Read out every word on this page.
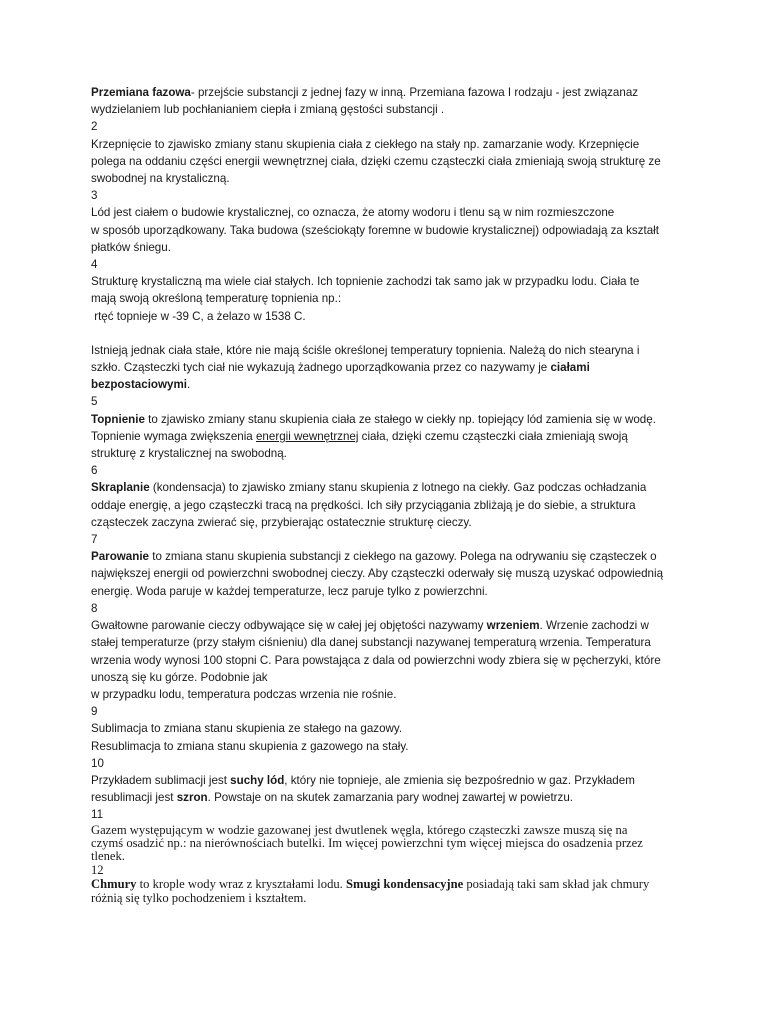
Przemiana fazowa- przejście substancji z jednej fazy w inną. Przemiana fazowa I rodzaju - jest związanaz

wydzielaniem lub pochłanianiem ciepła i zmianą gęstości substancji .

2

Krzepnięcie to zjawisko zmiany stanu skupienia ciała z ciekłego na stały np. zamarzanie wody. Krzepnięcie

polega na oddaniu części energii wewnętrznej ciała, dzięki czemu cząsteczki ciała zmieniają swoją strukturę ze

swobodnej na krystaliczną.

3

Lód jest ciałem o budowie krystalicznej, co oznacza, że atomy wodoru i tlenu są w nim rozmieszczone

w sposób uporządkowany. Taka budowa (sześciokąty foremne w budowie krystalicznej) odpowiadają za kształt

płatków śniegu.

4

Strukturę krystaliczną ma wiele ciał stałych. Ich topnienie zachodzi tak samo jak w przypadku lodu. Ciała te

mają swoją określoną temperaturę topnienia np.:

rtęć topnieje w -39 C, a żelazo w 1538 C.

Istnieją jednak ciała stałe, które nie mają ściśle określonej temperatury topnienia. Należą do nich stearyna i

szkło. Cząsteczki tych ciał nie wykazują żadnego uporządkowania przez co nazywamy je ciałami

bezpostaciowymi.

5

Topnienie to zjawisko zmiany stanu skupienia ciała ze stałego w ciekły np. topiejący lód zamienia się w wodę.

Topnienie wymaga zwiększenia energii wewnętrznej ciała, dzięki czemu cząsteczki ciała zmieniają swoją

strukturę z krystalicznej na swobodną.

6

Skraplanie (kondensacja) to zjawisko zmiany stanu skupienia z lotnego na ciekły. Gaz podczas ochładzania

oddaje energię, a jego cząsteczki tracą na prędkości. Ich siły przyciągania zbliżają je do siebie, a struktura

cząsteczek zaczyna zwierać się, przybierając ostatecznie strukturę cieczy.

7

Parowanie to zmiana stanu skupienia substancji z ciekłego na gazowy. Polega na odrywaniu się cząsteczek o

największej energii od powierzchni swobodnej cieczy. Aby cząsteczki oderwały się muszą uzyskać odpowiednią

energię. Woda paruje w każdej temperaturze, lecz paruje tylko z powierzchni.

8

Gwałtowne parowanie cieczy odbywające się w całej jej objętości nazywamy wrzeniem. Wrzenie zachodzi w

stałej temperaturze (przy stałym ciśnieniu) dla danej substancji nazywanej temperaturą wrzenia. Temperatura

wrzenia wody wynosi 100 stopni C. Para powstająca z dala od powierzchni wody zbiera się w pęcherzyki, które

unoszą się ku górze. Podobnie jak

w przypadku lodu, temperatura podczas wrzenia nie rośnie.

9

Sublimacja to zmiana stanu skupienia ze stałego na gazowy.

Resublimacja to zmiana stanu skupienia z gazowego na stały.

10

Przykładem sublimacji jest suchy lód, który nie topnieje, ale zmienia się bezpośrednio w gaz. Przykładem

resublimacji jest szron. Powstaje on na skutek zamarzania pary wodnej zawartej w powietrzu.

11

Gazem występującym w wodzie gazowanej jest dwutlenek węgla, którego cząsteczki zawsze muszą się na

czymś osadzić np.: na nierównościach butelki. Im więcej powierzchni tym więcej miejsca do osadzenia przez

tlenek.

12

Chmury to krople wody wraz z kryształami lodu. Smugi kondensacyjne posiadają taki sam skład jak chmury

różnią się tylko pochodzeniem i kształtem.
